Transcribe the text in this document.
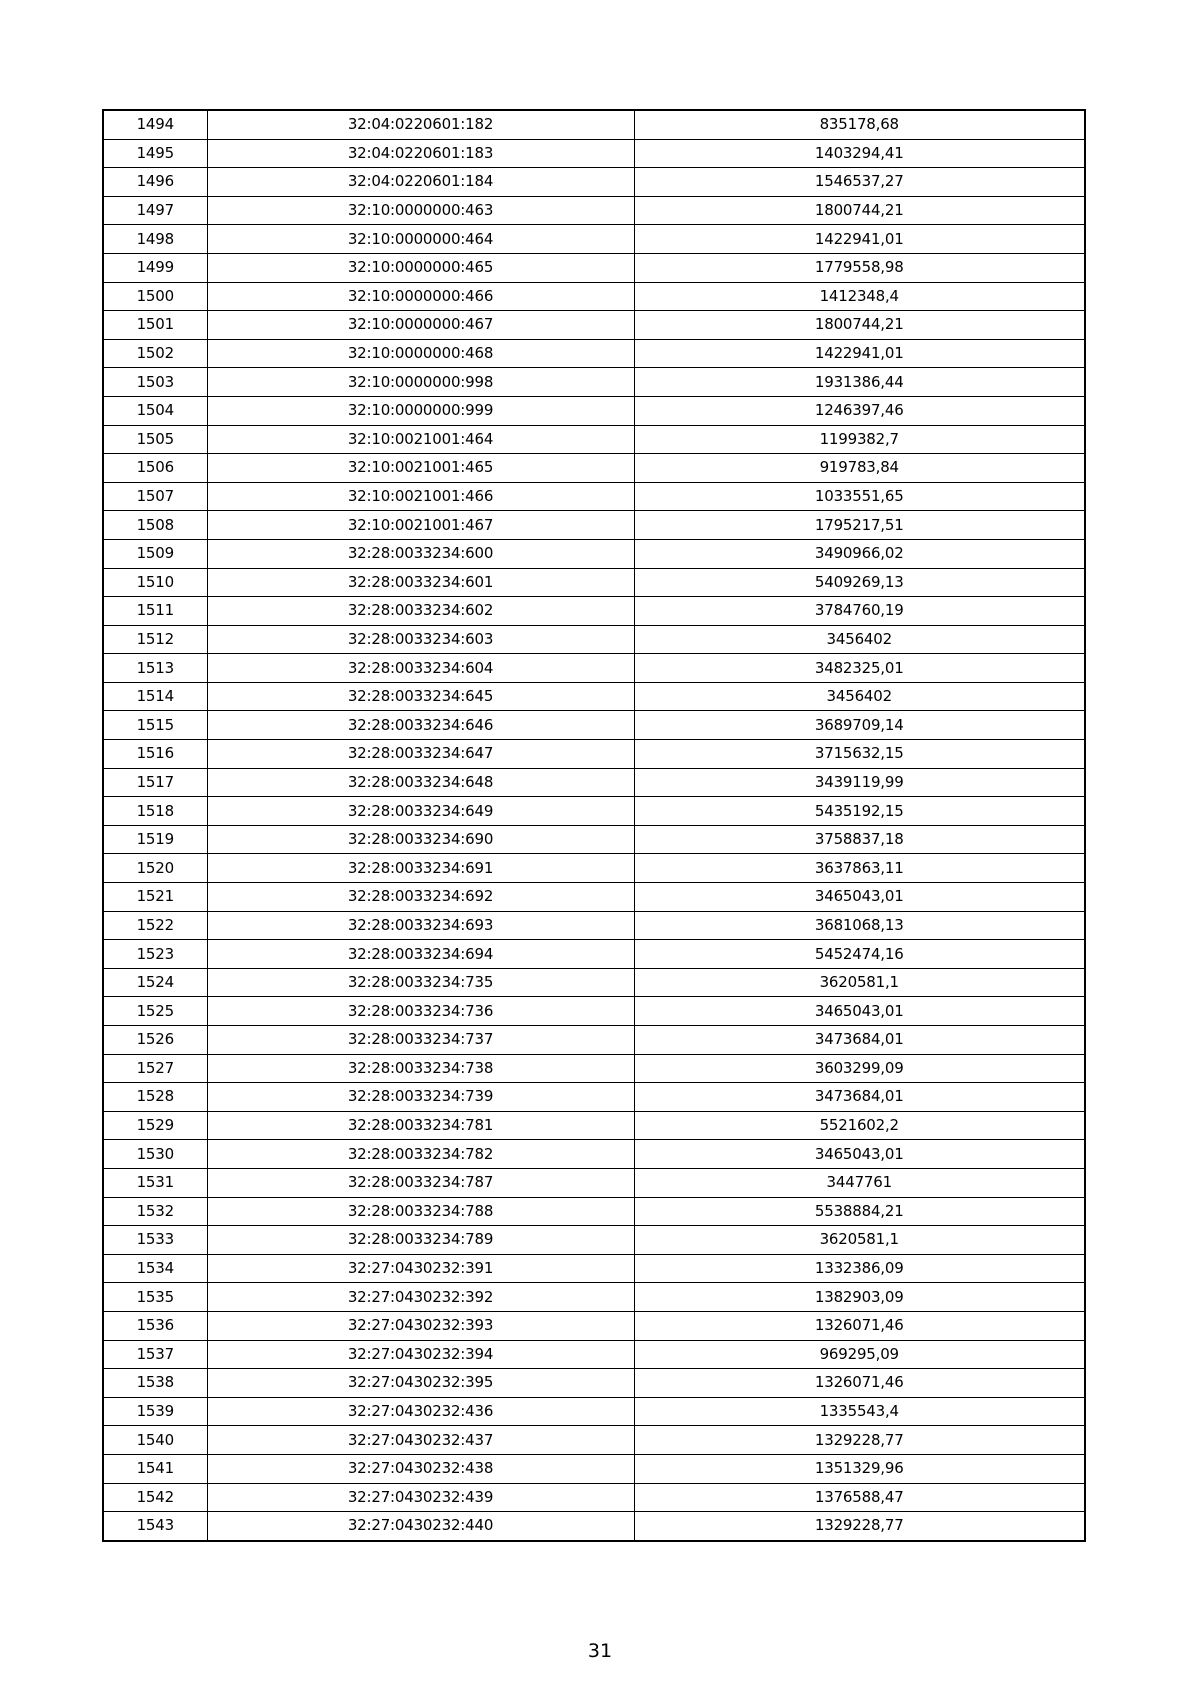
1494	32:04:0220601:182	835178,68
1495	32:04:0220601:183	1403294,41
1496	32:04:0220601:184	1546537,27
1497	32:10:0000000:463	1800744,21
1498	32:10:0000000:464	1422941,01
1499	32:10:0000000:465	1779558,98
1500	32:10:0000000:466	1412348,4
1501	32:10:0000000:467	1800744,21
1502	32:10:0000000:468	1422941,01
1503	32:10:0000000:998	1931386,44
1504	32:10:0000000:999	1246397,46
1505	32:10:0021001:464	1199382,7
1506	32:10:0021001:465	919783,84
1507	32:10:0021001:466	1033551,65
1508	32:10:0021001:467	1795217,51
1509	32:28:0033234:600	3490966,02
1510	32:28:0033234:601	5409269,13
1511	32:28:0033234:602	3784760,19
1512	32:28:0033234:603	3456402
1513	32:28:0033234:604	3482325,01
1514	32:28:0033234:645	3456402
1515	32:28:0033234:646	3689709,14
1516	32:28:0033234:647	3715632,15
1517	32:28:0033234:648	3439119,99
1518	32:28:0033234:649	5435192,15
1519	32:28:0033234:690	3758837,18
1520	32:28:0033234:691	3637863,11
1521	32:28:0033234:692	3465043,01
1522	32:28:0033234:693	3681068,13
1523	32:28:0033234:694	5452474,16
1524	32:28:0033234:735	3620581,1
1525	32:28:0033234:736	3465043,01
1526	32:28:0033234:737	3473684,01
1527	32:28:0033234:738	3603299,09
1528	32:28:0033234:739	3473684,01
1529	32:28:0033234:781	5521602,2
1530	32:28:0033234:782	3465043,01
1531	32:28:0033234:787	3447761
1532	32:28:0033234:788	5538884,21
1533	32:28:0033234:789	3620581,1
1534	32:27:0430232:391	1332386,09
1535	32:27:0430232:392	1382903,09
1536	32:27:0430232:393	1326071,46
1537	32:27:0430232:394	969295,09
1538	32:27:0430232:395	1326071,46
1539	32:27:0430232:436	1335543,4
1540	32:27:0430232:437	1329228,77
1541	32:27:0430232:438	1351329,96
1542	32:27:0430232:439	1376588,47
1543	32:27:0430232:440	1329228,77
31
